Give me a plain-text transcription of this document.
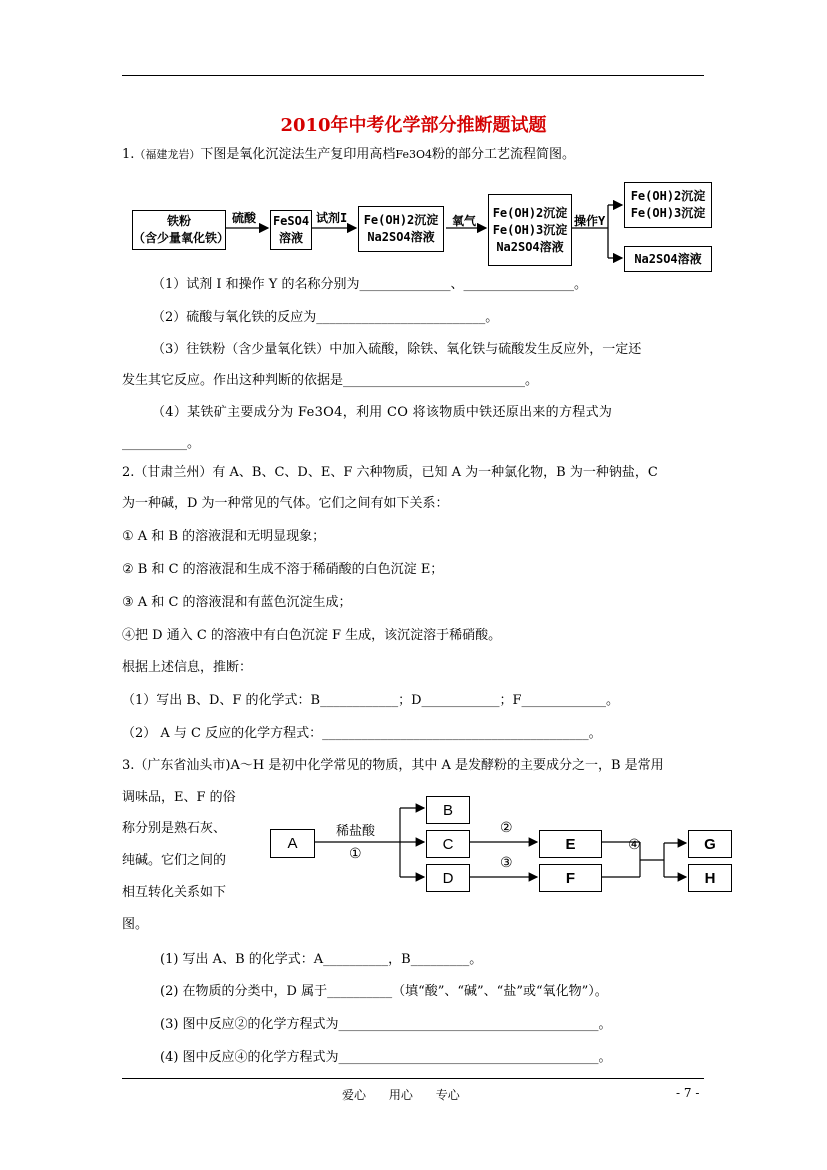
2010年中考化学部分推断题试题
1.（福建龙岩）下图是氧化沉淀法生产复印用高档Fe3O4粉的部分工艺流程简图。
铁粉
（含少量氧化铁）
硫酸 FeSO4
溶液
试剂I Fe(OH)2沉淀
Na2SO4溶液
氧气
Fe(OH)2沉淀
Fe(OH)3沉淀
Na2SO4溶液
操作Y
Fe(OH)2沉淀
Fe(OH)3沉淀
Na2SO4溶液
（1）试剂 I 和操作 Y 的名称分别为______________、_________________。
（2）硫酸与氧化铁的反应为__________________________。
（3）往铁粉（含少量氧化铁）中加入硫酸，除铁、氧化铁与硫酸发生反应外，一定还
发生其它反应。作出这种判断的依据是____________________________。
（4）某铁矿主要成分为 Fe3O4，利用 CO 将该物质中铁还原出来的方程式为
__________。
2.（甘肃兰州）有 A、B、C、D、E、F 六种物质，已知 A 为一种氯化物，B 为一种钠盐，C
为一种碱，D 为一种常见的气体。它们之间有如下关系：
① A 和 B 的溶液混和无明显现象；
② B 和 C 的溶液混和生成不溶于稀硝酸的白色沉淀 E；
③ A 和 C 的溶液混和有蓝色沉淀生成；
④把 D 通入 C 的溶液中有白色沉淀 F 生成，该沉淀溶于稀硝酸。
根据上述信息，推断：
（1）写出 B、D、F 的化学式：B____________；D____________；F_____________。
（2） A 与 C 反应的化学方程式：_________________________________________。
3.（广东省汕头市)A～H 是初中化学常见的物质，其中 A 是发酵粉的主要成分之一，B 是常用
调味品，E、F 的俗
称分别是熟石灰、
纯碱。它们之间的
相互转化关系如下
图。
A
稀盐酸
①
B
C
D
②
③
E
F
④	G
H
(1) 写出 A、B 的化学式：A__________，B_________。
(2) 在物质的分类中，D 属于__________（填“酸”、“碱”、“盐”或“氧化物”）。
(3) 图中反应②的化学方程式为________________________________________。
(4) 图中反应④的化学方程式为________________________________________。
爱心      用心      专心	- 7 -
